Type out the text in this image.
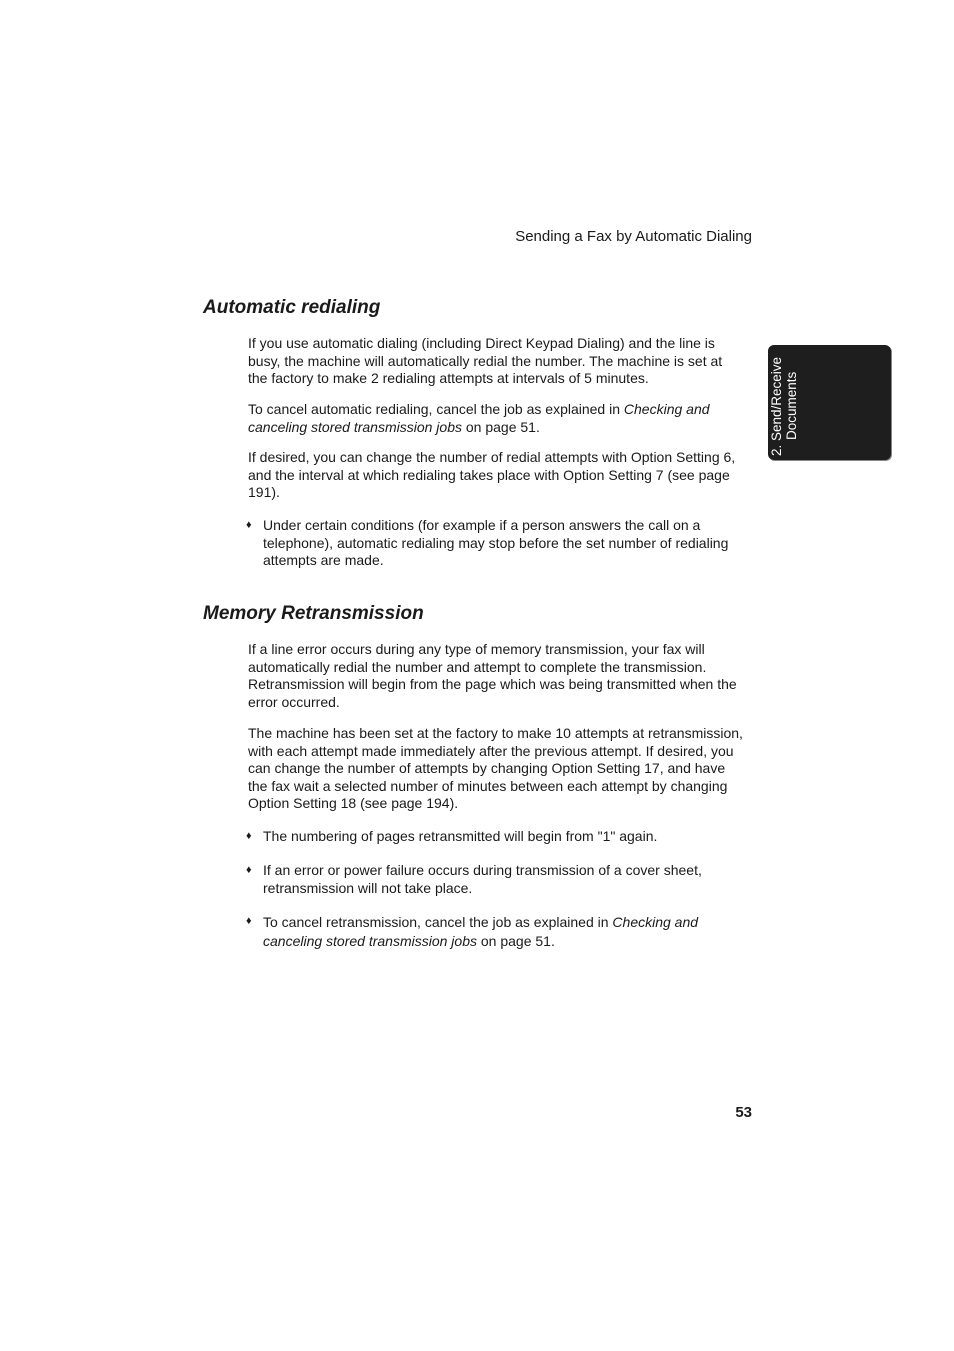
Sending a Fax by Automatic Dialing
2. Send/Receive Documents
Automatic redialing

If you use automatic dialing (including Direct Keypad Dialing) and the line is busy, the machine will automatically redial the number. The machine is set at the factory to make 2 redialing attempts at intervals of 5 minutes.

To cancel automatic redialing, cancel the job as explained in Checking and canceling stored transmission jobs on page 51.

If desired, you can change the number of redial attempts with Option Setting 6, and the interval at which redialing takes place with Option Setting 7 (see page 191).

♦ Under certain conditions (for example if a person answers the call on a telephone), automatic redialing may stop before the set number of redialing attempts are made.
Memory Retransmission

If a line error occurs during any type of memory transmission, your fax will automatically redial the number and attempt to complete the transmission. Retransmission will begin from the page which was being transmitted when the error occurred.

The machine has been set at the factory to make 10 attempts at retransmission, with each attempt made immediately after the previous attempt. If desired, you can change the number of attempts by changing Option Setting 17, and have the fax wait a selected number of minutes between each attempt by changing Option Setting 18 (see page 194).

♦ The numbering of pages retransmitted will begin from "1" again.
♦ If an error or power failure occurs during transmission of a cover sheet, retransmission will not take place.
♦ To cancel retransmission, cancel the job as explained in Checking and canceling stored transmission jobs on page 51.
53
